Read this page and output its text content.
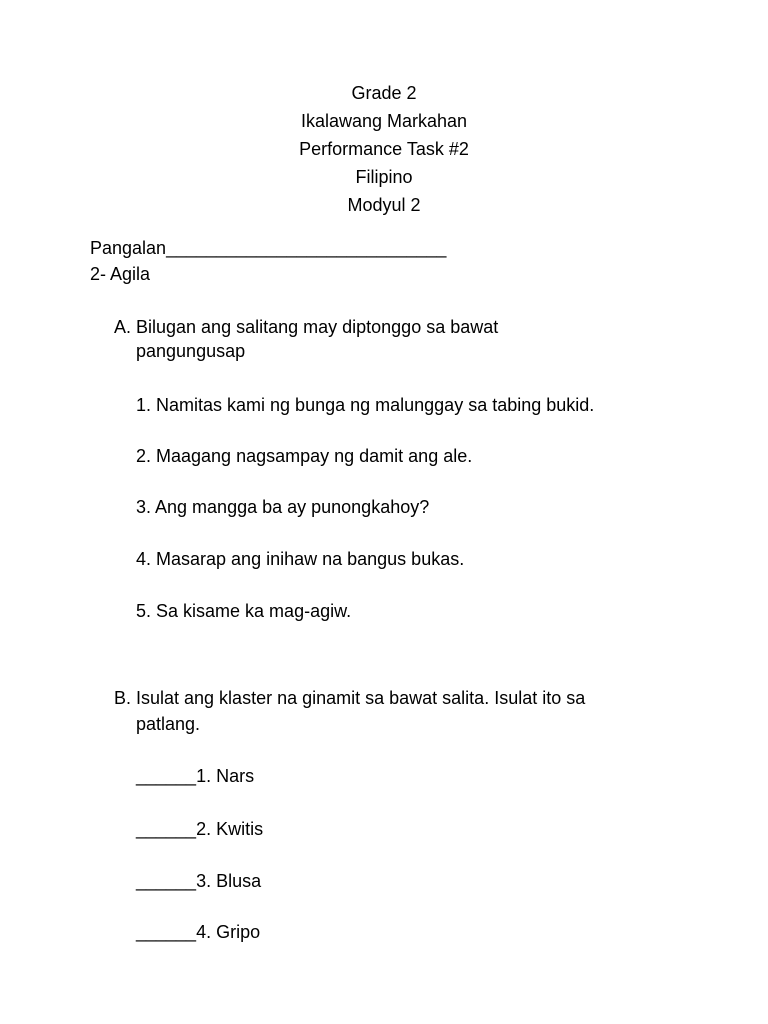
Grade 2
Ikalawang Markahan
Performance Task #2
Filipino
Modyul 2
Pangalan____________________________
2- Agila
A. Bilugan ang salitang may diptonggo sa bawat
pangungusap
1. Namitas kami ng bunga ng malunggay sa tabing bukid.
2. Maagang nagsampay ng damit ang ale.
3. Ang mangga ba ay punongkahoy?
4. Masarap ang inihaw na bangus bukas.
5. Sa kisame ka mag-agiw.
B. Isulat ang klaster na ginamit sa bawat salita. Isulat ito sa
patlang.
______1. Nars
______2. Kwitis
______3. Blusa
______4. Gripo
